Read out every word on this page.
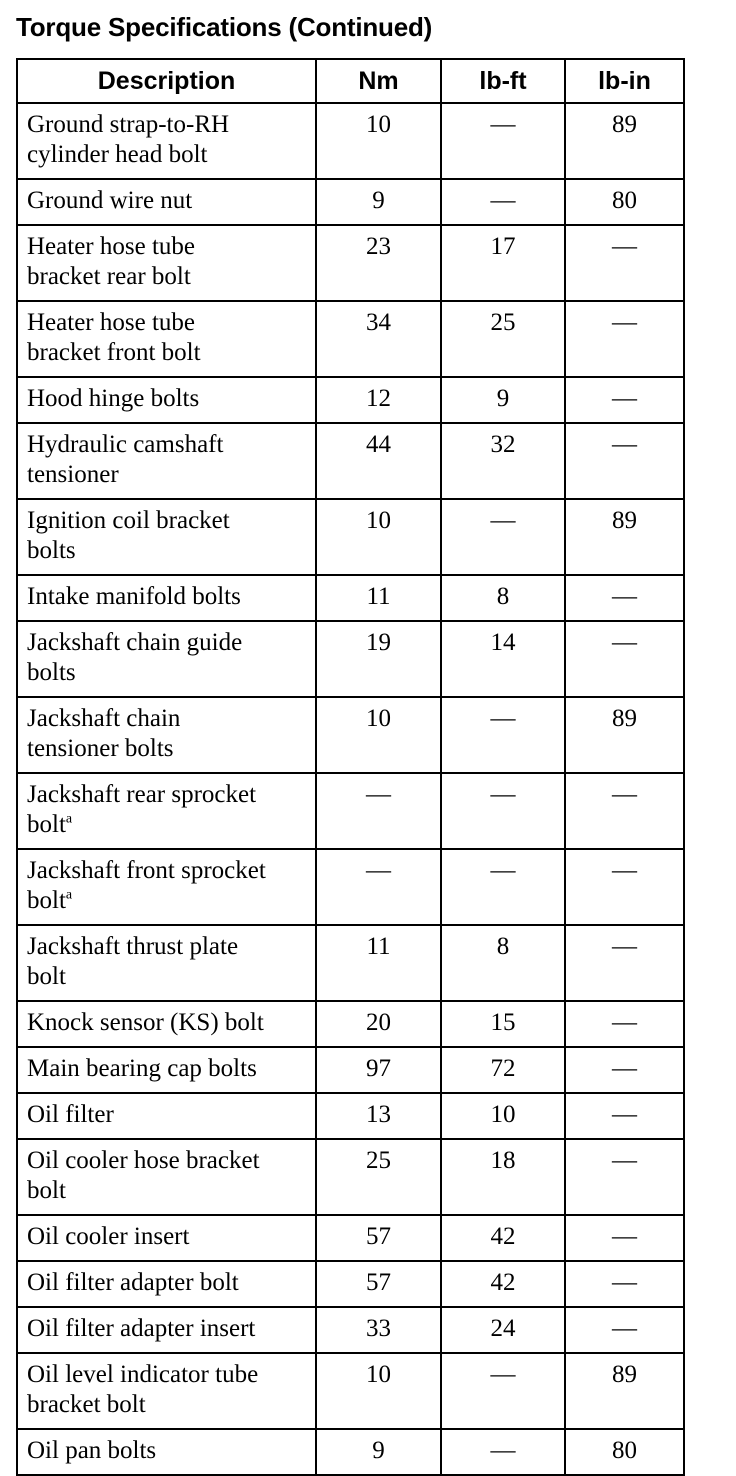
Torque Specifications (Continued)
Description	Nm	lb-ft	lb-in
Ground strap-to-RH
cylinder head bolt	10	—	89
Ground wire nut	9	—	80
Heater hose tube
bracket rear bolt	23	17	—
Heater hose tube
bracket front bolt	34	25	—
Hood hinge bolts	12	9	—
Hydraulic camshaft
tensioner	44	32	—
Ignition coil bracket
bolts	10	—	89
Intake manifold bolts	11	8	—
Jackshaft chain guide
bolts	19	14	—
Jackshaft chain
tensioner bolts	10	—	89
Jackshaft rear sprocket
bolt$^a$	—	—	—
Jackshaft front sprocket
bolt$^a$	—	—	—
Jackshaft thrust plate
bolt	11	8	—
Knock sensor (KS) bolt	20	15	—
Main bearing cap bolts	97	72	—
Oil filter	13	10	—
Oil cooler hose bracket
bolt	25	18	—
Oil cooler insert	57	42	—
Oil filter adapter bolt	57	42	—
Oil filter adapter insert	33	24	—
Oil level indicator tube
bracket bolt	10	—	89
Oil pan bolts	9	—	80
